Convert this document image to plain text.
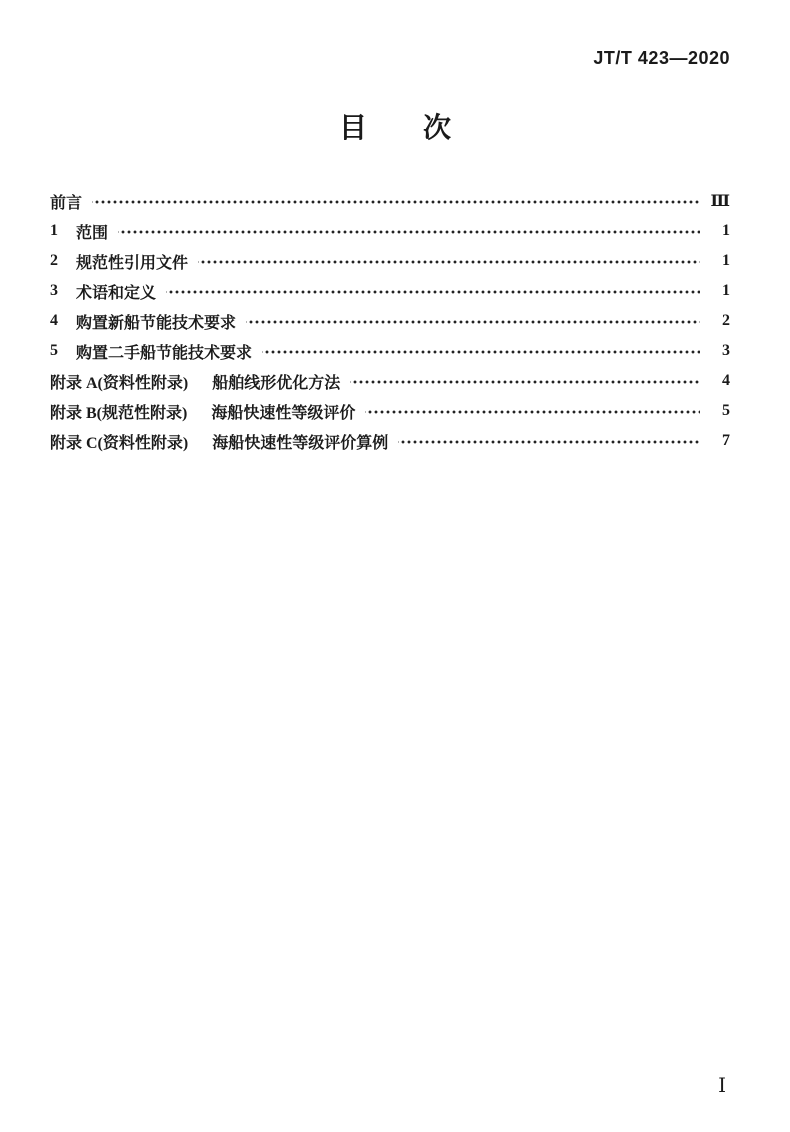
JT/T 423—2020
目　　次
前言	Ⅲ
1 范围	1
2 规范性引用文件	1
3 术语和定义	1
4 购置新船节能技术要求	2
5 购置二手船节能技术要求	3
附录 A(资料性附录) 船舶线形优化方法	4
附录 B(规范性附录) 海船快速性等级评价	5
附录 C(资料性附录) 海船快速性等级评价算例	7
Ⅰ
